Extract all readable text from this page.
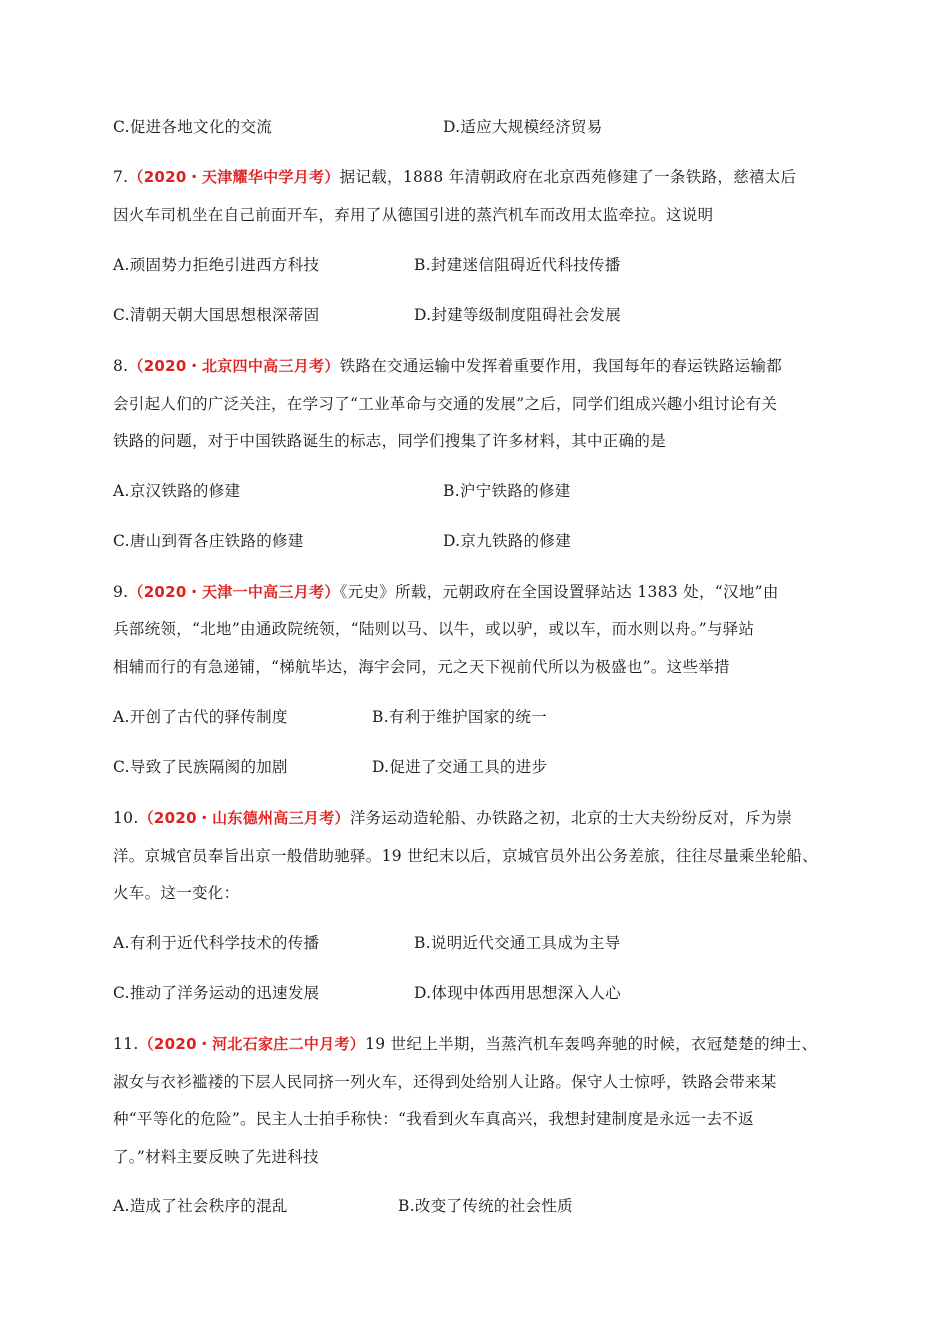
C.促进各地文化的交流	D.适应大规模经济贸易
7.（2020・天津耀华中学月考）据记载，1888 年清朝政府在北京西苑修建了一条铁路，慈禧太后
因火车司机坐在自己前面开车，弃用了从德国引进的蒸汽机车而改用太监牵拉。这说明
A.顽固势力拒绝引进西方科技	B.封建迷信阻碍近代科技传播
C.清朝天朝大国思想根深蒂固	D.封建等级制度阻碍社会发展
8.（2020・北京四中高三月考）铁路在交通运输中发挥着重要作用，我国每年的春运铁路运输都
会引起人们的广泛关注，在学习了“工业革命与交通的发展”之后，同学们组成兴趣小组讨论有关
铁路的问题，对于中国铁路诞生的标志，同学们搜集了许多材料，其中正确的是
A.京汉铁路的修建	B.沪宁铁路的修建
C.唐山到胥各庄铁路的修建	D.京九铁路的修建
9.（2020・天津一中高三月考）《元史》所载，元朝政府在全国设置驿站达 1383 处，“汉地”由
兵部统领，“北地”由通政院统领，“陆则以马、以牛，或以驴，或以车，而水则以舟。”与驿站
相辅而行的有急递铺，“梯航毕达，海宇会同，元之天下视前代所以为极盛也”。这些举措
A.开创了古代的驿传制度	B.有利于维护国家的统一
C.导致了民族隔阂的加剧	D.促进了交通工具的进步
10.（2020・山东德州高三月考）洋务运动造轮船、办铁路之初，北京的士大夫纷纷反对，斥为崇
洋。京城官员奉旨出京一般借助驰驿。19 世纪末以后，京城官员外出公务差旅，往往尽量乘坐轮船、
火车。这一变化：
A.有利于近代科学技术的传播	B.说明近代交通工具成为主导
C.推动了洋务运动的迅速发展	D.体现中体西用思想深入人心
11.（2020・河北石家庄二中月考）19 世纪上半期，当蒸汽机车轰鸣奔驰的时候，衣冠楚楚的绅士、
淑女与衣衫褴褛的下层人民同挤一列火车，还得到处给别人让路。保守人士惊呼，铁路会带来某
种“平等化的危险”。民主人士拍手称快：“我看到火车真高兴，我想封建制度是永远一去不返
了。”材料主要反映了先进科技
A.造成了社会秩序的混乱	B.改变了传统的社会性质
